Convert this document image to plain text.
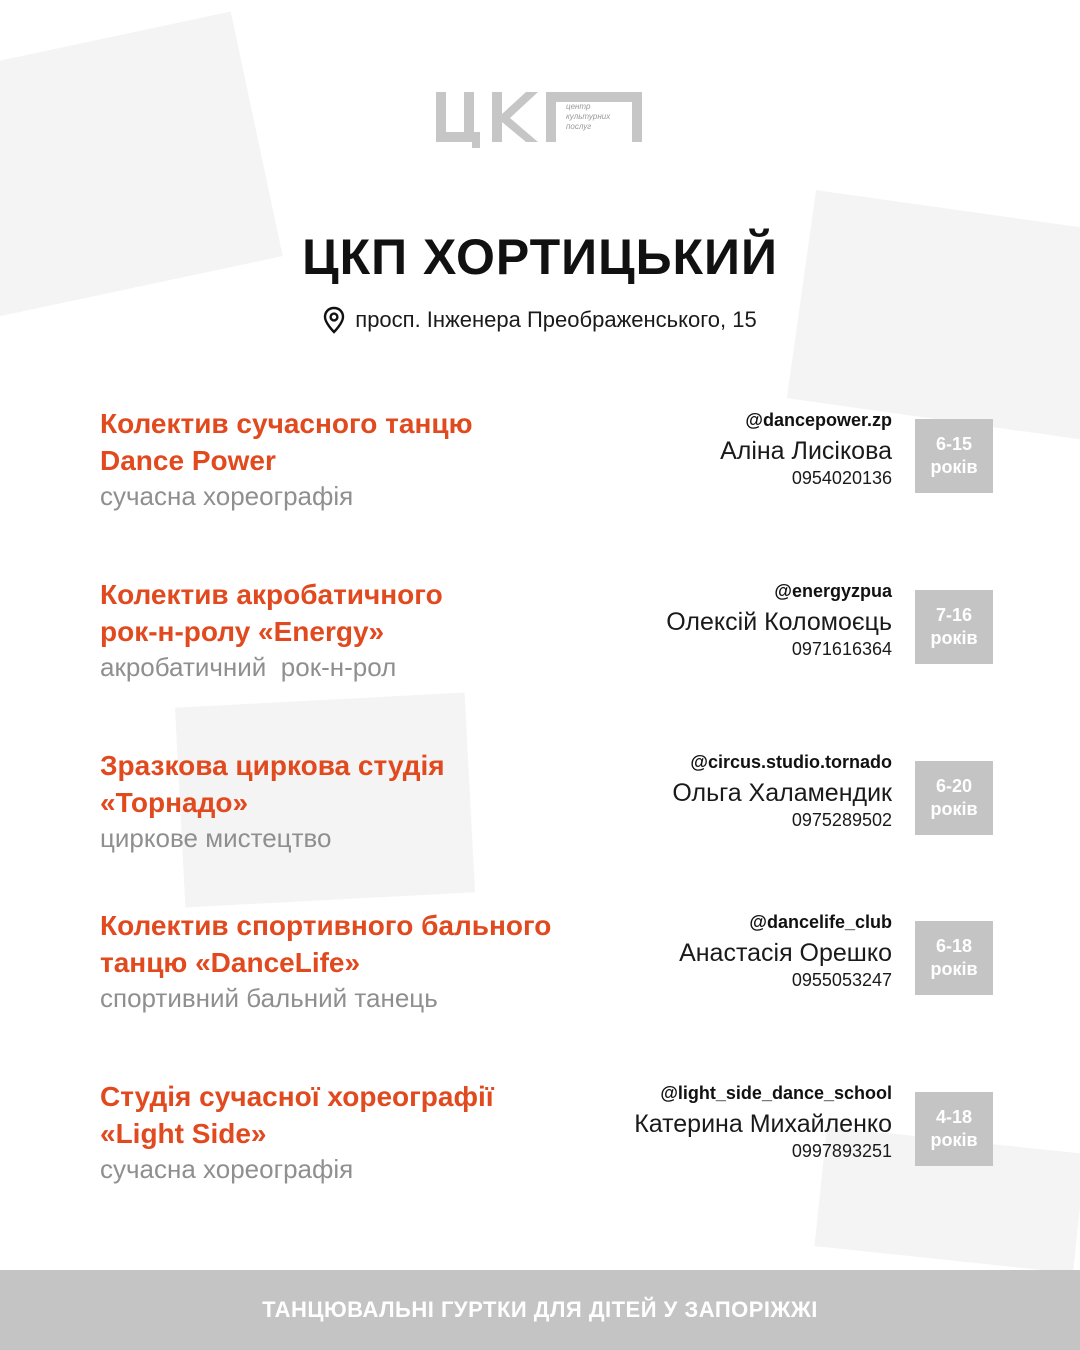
центр
культурних
послуг
ЦКП ХОРТИЦЬКИЙ
просп. Інженера Преображенського, 15
Колектив сучасного танцю
Dance Power
сучасна хореографія
@dancepower.zp
Аліна Лисікова
0954020136
6-15
років
Колектив акробатичного
рок-н-ролу «Energy»
акробатичний  рок-н-рол
@energyzpua
Олексій Коломоєць
0971616364
7-16
років
Зразкова циркова студія
«Торнадо»
циркове мистецтво
@circus.studio.tornado
Ольга Халамендик
0975289502
6-20
років
Колектив спортивного бального
танцю «DanceLife»
спортивний бальний танець
@dancelife_club
Анастасія Орешко
0955053247
6-18
років
Студія сучасної хореографії
«Light Side»
сучасна хореографія
@light_side_dance_school
Катерина Михайленко
0997893251
4-18
років
ТАНЦЮВАЛЬНІ ГУРТКИ ДЛЯ ДІТЕЙ У ЗАПОРІЖЖІ
